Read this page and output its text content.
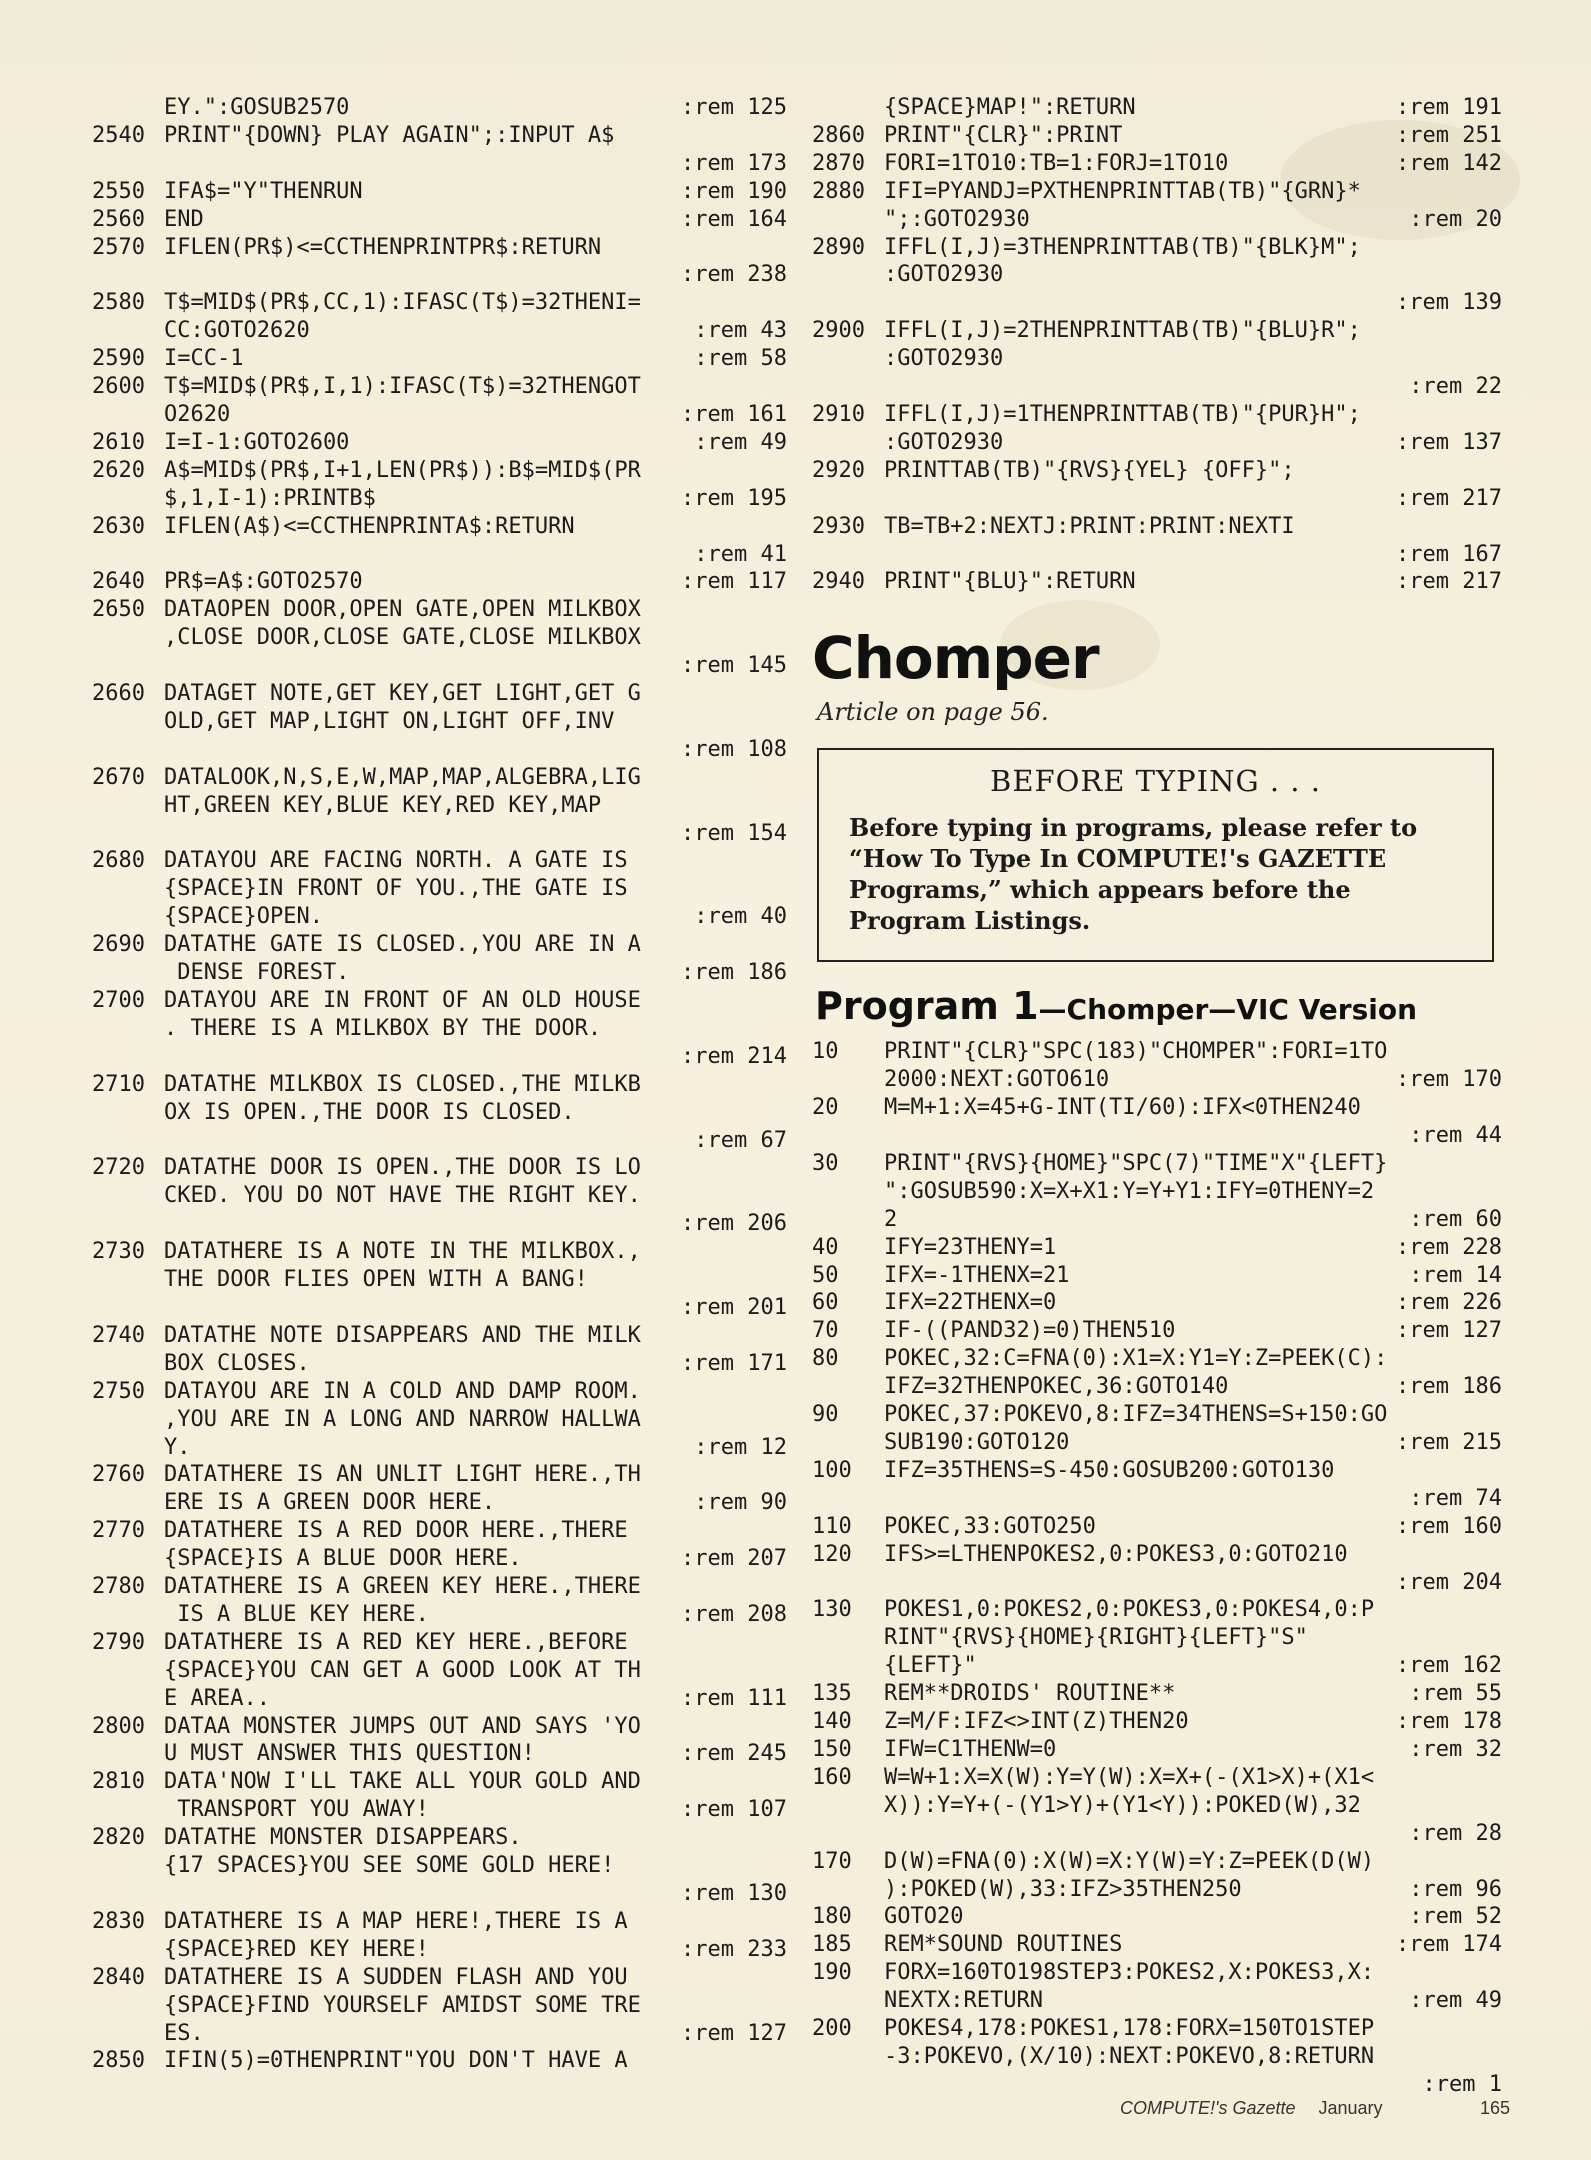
:rem 125
EY.":GOSUB2570
2540 PRINT"{DOWN} PLAY AGAIN";:INPUT A$
:rem 173
:rem 190
2550 IFA$="Y"THENRUN
:rem 164
2560 END
2570 IFLEN(PR$)<=CCTHENPRINTPR$:RETURN
:rem 238
2580 T$=MID$(PR$,CC,1):IFASC(T$)=32THENI=
:rem 43
CC:GOTO2620
:rem 58
2590 I=CC-1
2600 T$=MID$(PR$,I,1):IFASC(T$)=32THENGOT
:rem 161
O2620
:rem 49
2610 I=I-1:GOTO2600
2620 A$=MID$(PR$,I+1,LEN(PR$)):B$=MID$(PR
:rem 195
$,1,I-1):PRINTB$
2630 IFLEN(A$)<=CCTHENPRINTA$:RETURN
:rem 41
:rem 117
2640 PR$=A$:GOTO2570
2650 DATAOPEN DOOR,OPEN GATE,OPEN MILKBOX
,CLOSE DOOR,CLOSE GATE,CLOSE MILKBOX
:rem 145
2660 DATAGET NOTE,GET KEY,GET LIGHT,GET G
OLD,GET MAP,LIGHT ON,LIGHT OFF,INV
:rem 108
2670 DATALOOK,N,S,E,W,MAP,MAP,ALGEBRA,LIG
HT,GREEN KEY,BLUE KEY,RED KEY,MAP
:rem 154
2680 DATAYOU ARE FACING NORTH. A GATE IS
{SPACE}IN FRONT OF YOU.,THE GATE IS
:rem 40
{SPACE}OPEN.
2690 DATATHE GATE IS CLOSED.,YOU ARE IN A
:rem 186
DENSE FOREST.
2700 DATAYOU ARE IN FRONT OF AN OLD HOUSE
. THERE IS A MILKBOX BY THE DOOR.
:rem 214
2710 DATATHE MILKBOX IS CLOSED.,THE MILKB
OX IS OPEN.,THE DOOR IS CLOSED.
:rem 67
2720 DATATHE DOOR IS OPEN.,THE DOOR IS LO
CKED. YOU DO NOT HAVE THE RIGHT KEY.
:rem 206
2730 DATATHERE IS A NOTE IN THE MILKBOX.,
THE DOOR FLIES OPEN WITH A BANG!
:rem 201
2740 DATATHE NOTE DISAPPEARS AND THE MILK
:rem 171
BOX CLOSES.
2750 DATAYOU ARE IN A COLD AND DAMP ROOM.
,YOU ARE IN A LONG AND NARROW HALLWA
:rem 12
Y.
2760 DATATHERE IS AN UNLIT LIGHT HERE.,TH
:rem 90
ERE IS A GREEN DOOR HERE.
2770 DATATHERE IS A RED DOOR HERE.,THERE
:rem 207
{SPACE}IS A BLUE DOOR HERE.
2780 DATATHERE IS A GREEN KEY HERE.,THERE
:rem 208
IS A BLUE KEY HERE.
2790 DATATHERE IS A RED KEY HERE.,BEFORE
{SPACE}YOU CAN GET A GOOD LOOK AT TH
:rem 111
E AREA..
2800 DATAA MONSTER JUMPS OUT AND SAYS 'YO
:rem 245
U MUST ANSWER THIS QUESTION!
2810 DATA'NOW I'LL TAKE ALL YOUR GOLD AND
:rem 107
TRANSPORT YOU AWAY!
2820 DATATHE MONSTER DISAPPEARS.
{17 SPACES}YOU SEE SOME GOLD HERE!
:rem 130
2830 DATATHERE IS A MAP HERE!,THERE IS A
:rem 233
{SPACE}RED KEY HERE!
2840 DATATHERE IS A SUDDEN FLASH AND YOU
{SPACE}FIND YOURSELF AMIDST SOME TRE
:rem 127
ES.
2850 IFIN(5)=0THENPRINT"YOU DON'T HAVE A
:rem 191
{SPACE}MAP!":RETURN
:rem 251
2860 PRINT"{CLR}":PRINT
:rem 142
2870 FORI=1TO10:TB=1:FORJ=1TO10
2880 IFI=PYANDJ=PXTHENPRINTTAB(TB)"{GRN}*
:rem 20
";:GOTO2930
2890 IFFL(I,J)=3THENPRINTTAB(TB)"{BLK}M";
:GOTO2930
:rem 139
2900 IFFL(I,J)=2THENPRINTTAB(TB)"{BLU}R";
:GOTO2930
:rem 22
2910 IFFL(I,J)=1THENPRINTTAB(TB)"{PUR}H";
:rem 137
:GOTO2930
2920 PRINTTAB(TB)"{RVS}{YEL} {OFF}";
:rem 217
2930 TB=TB+2:NEXTJ:PRINT:PRINT:NEXTI
:rem 167
:rem 217
2940 PRINT"{BLU}":RETURN
Chomper
Article on page 56.
BEFORE TYPING . . .
Before typing in programs, please refer to “How To Type In COMPUTE!'s GAZETTE Programs,” which appears before the Program Listings.
Program 1—Chomper—VIC Version
10 PRINT"{CLR}"SPC(183)"CHOMPER":FORI=1TO
:rem 170
2000:NEXT:GOTO610
20 M=M+1:X=45+G-INT(TI/60):IFX<0THEN240
:rem 44
30 PRINT"{RVS}{HOME}"SPC(7)"TIME"X"{LEFT}
":GOSUB590:X=X+X1:Y=Y+Y1:IFY=0THENY=2
:rem 60
2
:rem 228
40 IFY=23THENY=1
:rem 14
50 IFX=-1THENX=21
:rem 226
60 IFX=22THENX=0
:rem 127
70 IF-((PAND32)=0)THEN510
80 POKEC,32:C=FNA(0):X1=X:Y1=Y:Z=PEEK(C):
:rem 186
IFZ=32THENPOKEC,36:GOTO140
90 POKEC,37:POKEVO,8:IFZ=34THENS=S+150:GO
:rem 215
SUB190:GOTO120
100 IFZ=35THENS=S-450:GOSUB200:GOTO130
:rem 74
:rem 160
110 POKEC,33:GOTO250
120 IFS>=LTHENPOKES2,0:POKES3,0:GOTO210
:rem 204
130 POKES1,0:POKES2,0:POKES3,0:POKES4,0:P
RINT"{RVS}{HOME}{RIGHT}{LEFT}"S"
:rem 162
{LEFT}"
:rem 55
135 REM**DROIDS' ROUTINE**
:rem 178
140 Z=M/F:IFZ<>INT(Z)THEN20
:rem 32
150 IFW=C1THENW=0
160 W=W+1:X=X(W):Y=Y(W):X=X+(-(X1>X)+(X1<
X)):Y=Y+(-(Y1>Y)+(Y1<Y)):POKED(W),32
:rem 28
170 D(W)=FNA(0):X(W)=X:Y(W)=Y:Z=PEEK(D(W)
:rem 96
):POKED(W),33:IFZ>35THEN250
:rem 52
180 GOTO20
:rem 174
185 REM*SOUND ROUTINES
190 FORX=160TO198STEP3:POKES2,X:POKES3,X:
:rem 49
NEXTX:RETURN
200 POKES4,178:POKES1,178:FORX=150TO1STEP
-3:POKEVO,(X/10):NEXT:POKEVO,8:RETURN
:rem 1
COMPUTE!'s Gazette January	165
